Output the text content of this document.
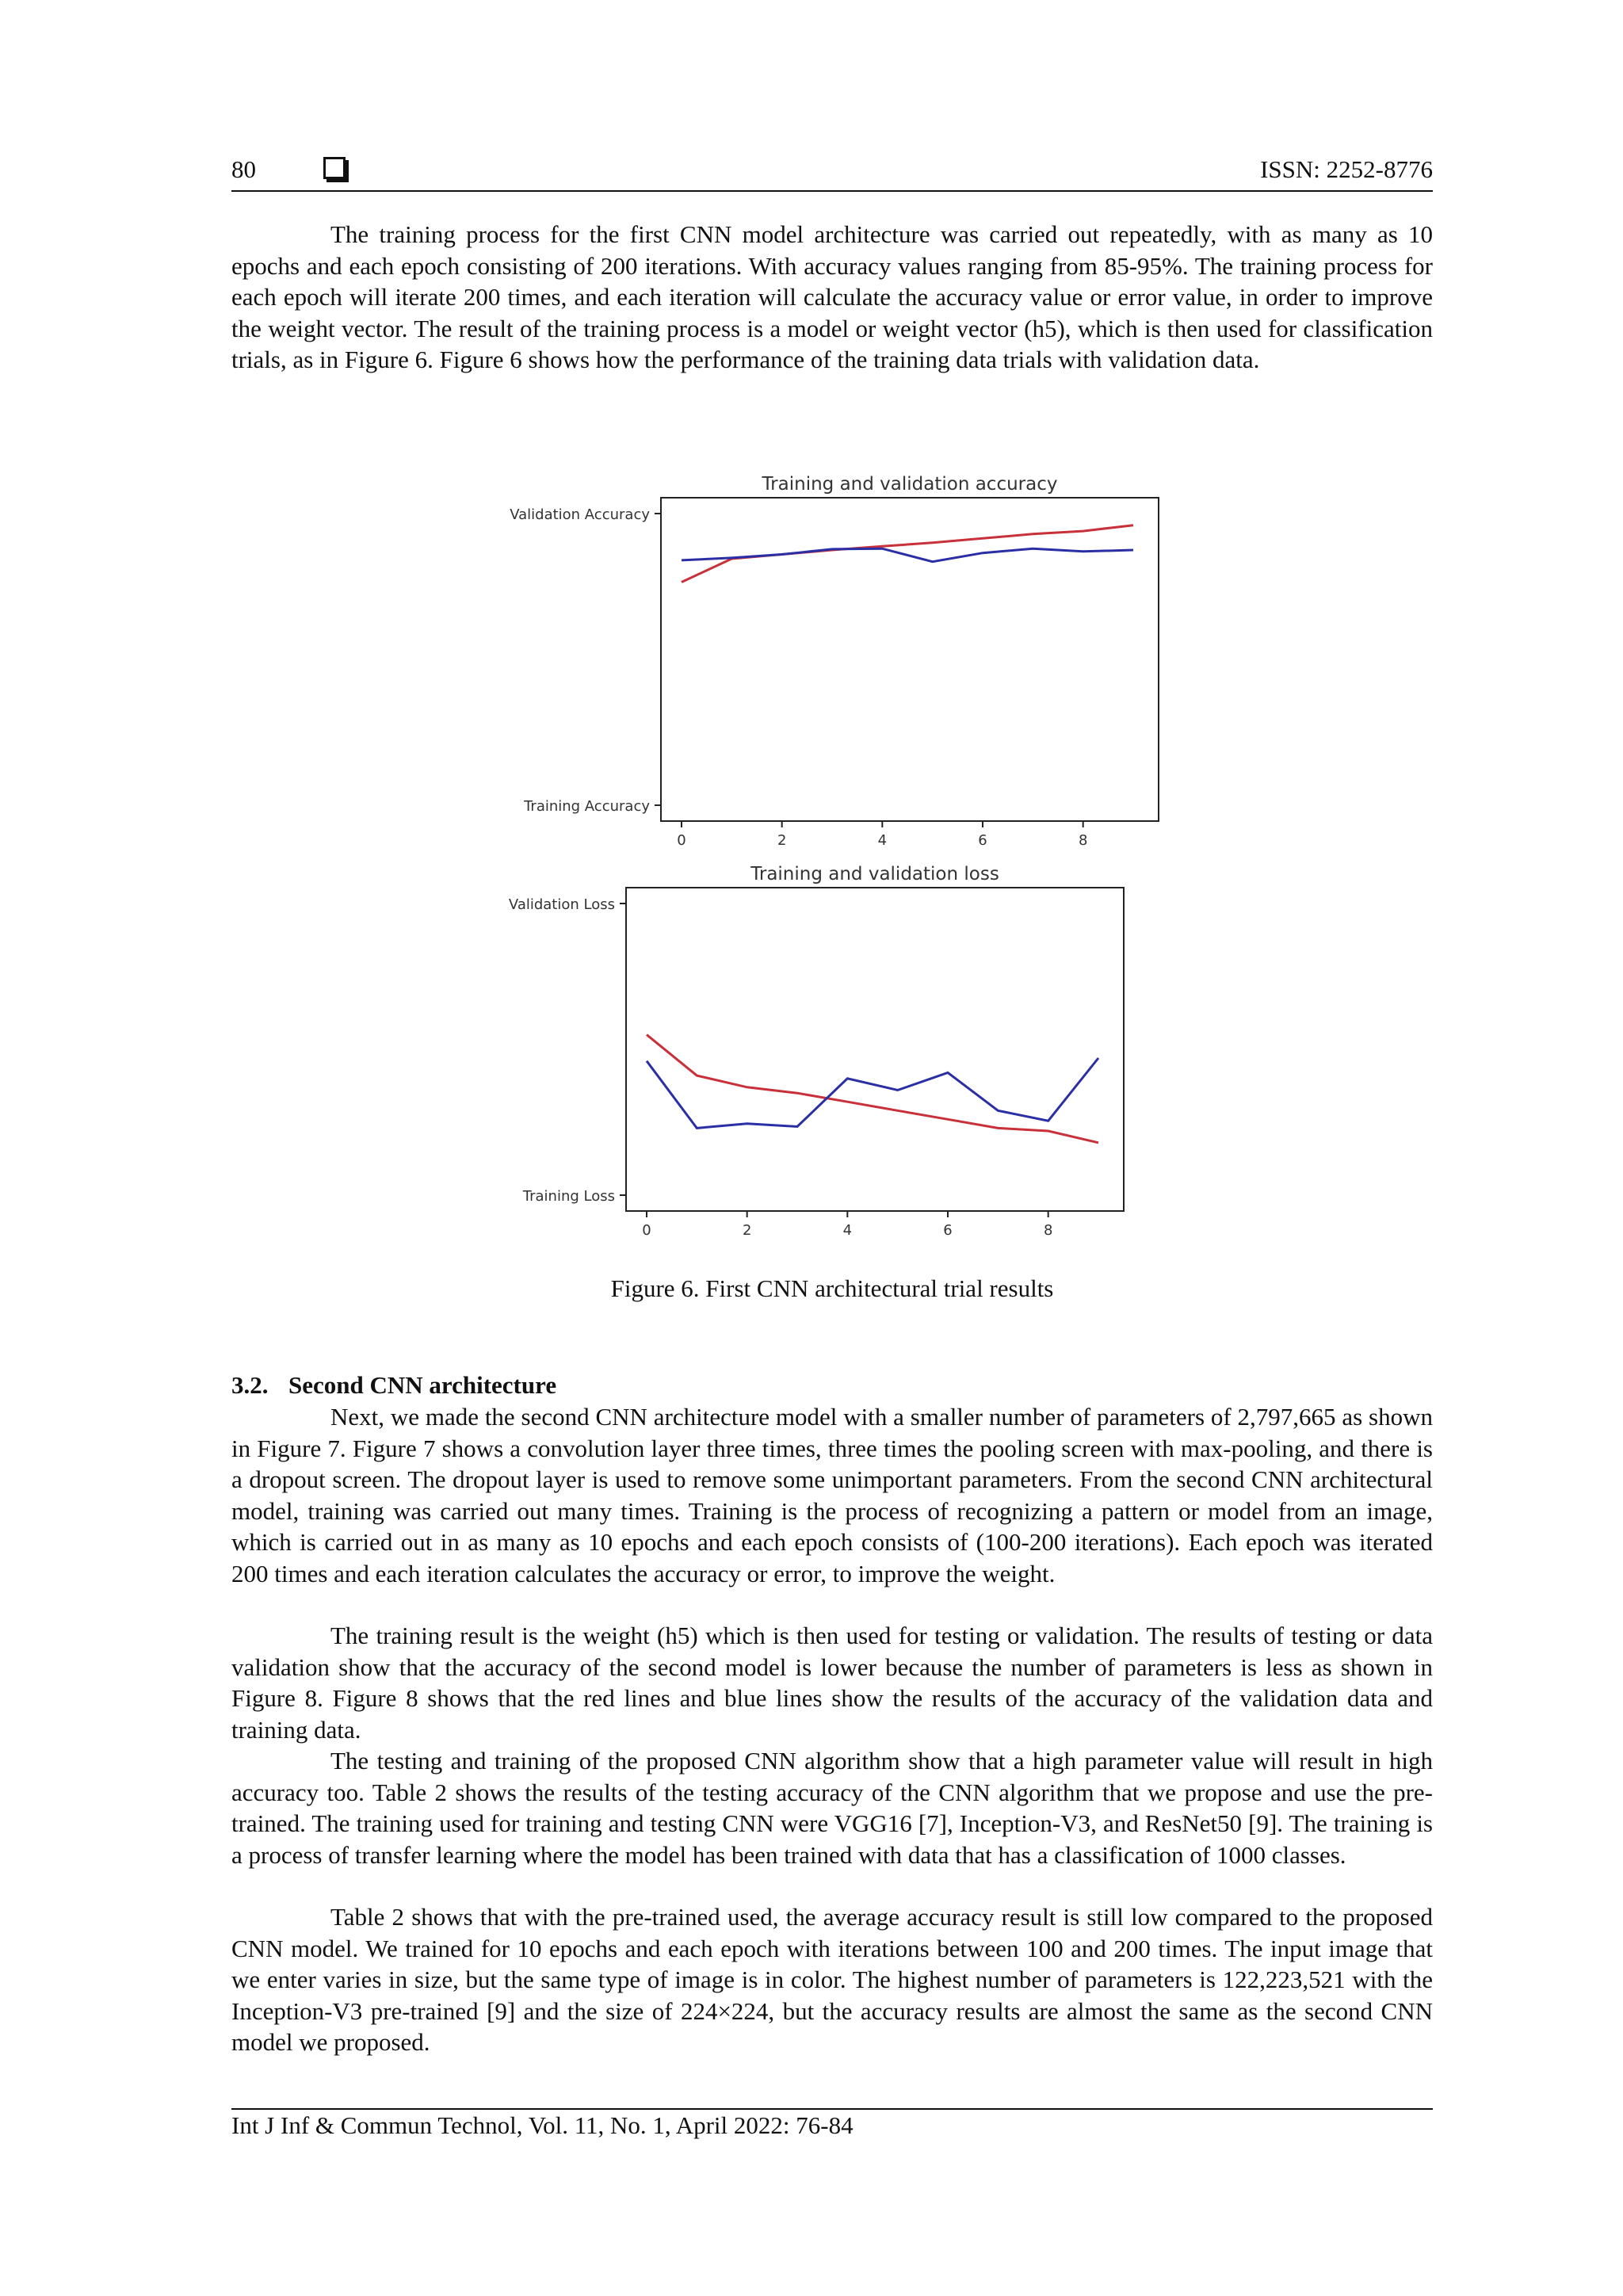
80	ISSN: 2252-8776

The training process for the first CNN model architecture was carried out repeatedly, with as many as 10 epochs and each epoch consisting of 200 iterations. With accuracy values ranging from 85-95%. The training process for each epoch will iterate 200 times, and each iteration will calculate the accuracy value or error value, in order to improve the weight vector. The result of the training process is a model or weight vector (h5), which is then used for classification trials, as in Figure 6. Figure 6 shows how the performance of the training data trials with validation data.

Training and validation accuracy
Validation Accuracy
Training Accuracy
0	2	4	6	8
Training and validation loss
Validation Loss
Training Loss
0	2	4	6	8
Figure 6. First CNN architectural trial results
3.2. Second CNN architecture

Next, we made the second CNN architecture model with a smaller number of parameters of 2,797,665 as shown in Figure 7. Figure 7 shows a convolution layer three times, three times the pooling screen with max-pooling, and there is a dropout screen. The dropout layer is used to remove some unimportant parameters. From the second CNN architectural model, training was carried out many times. Training is the process of recognizing a pattern or model from an image, which is carried out in as many as 10 epochs and each epoch consists of (100-200 iterations). Each epoch was iterated 200 times and each iteration calculates the accuracy or error, to improve the weight.

The training result is the weight (h5) which is then used for testing or validation. The results of testing or data validation show that the accuracy of the second model is lower because the number of parameters is less as shown in Figure 8. Figure 8 shows that the red lines and blue lines show the results of the accuracy of the validation data and training data.

The testing and training of the proposed CNN algorithm show that a high parameter value will result in high accuracy too. Table 2 shows the results of the testing accuracy of the CNN algorithm that we propose and use the pre-trained. The training used for training and testing CNN were VGG16 [7], Inception-V3, and ResNet50 [9]. The training is a process of transfer learning where the model has been trained with data that has a classification of 1000 classes.

Table 2 shows that with the pre-trained used, the average accuracy result is still low compared to the proposed CNN model. We trained for 10 epochs and each epoch with iterations between 100 and 200 times. The input image that we enter varies in size, but the same type of image is in color. The highest number of parameters is 122,223,521 with the Inception-V3 pre-trained [9] and the size of 224×224, but the accuracy results are almost the same as the second CNN model we proposed.

Int J Inf & Commun Technol, Vol. 11, No. 1, April 2022: 76-84
